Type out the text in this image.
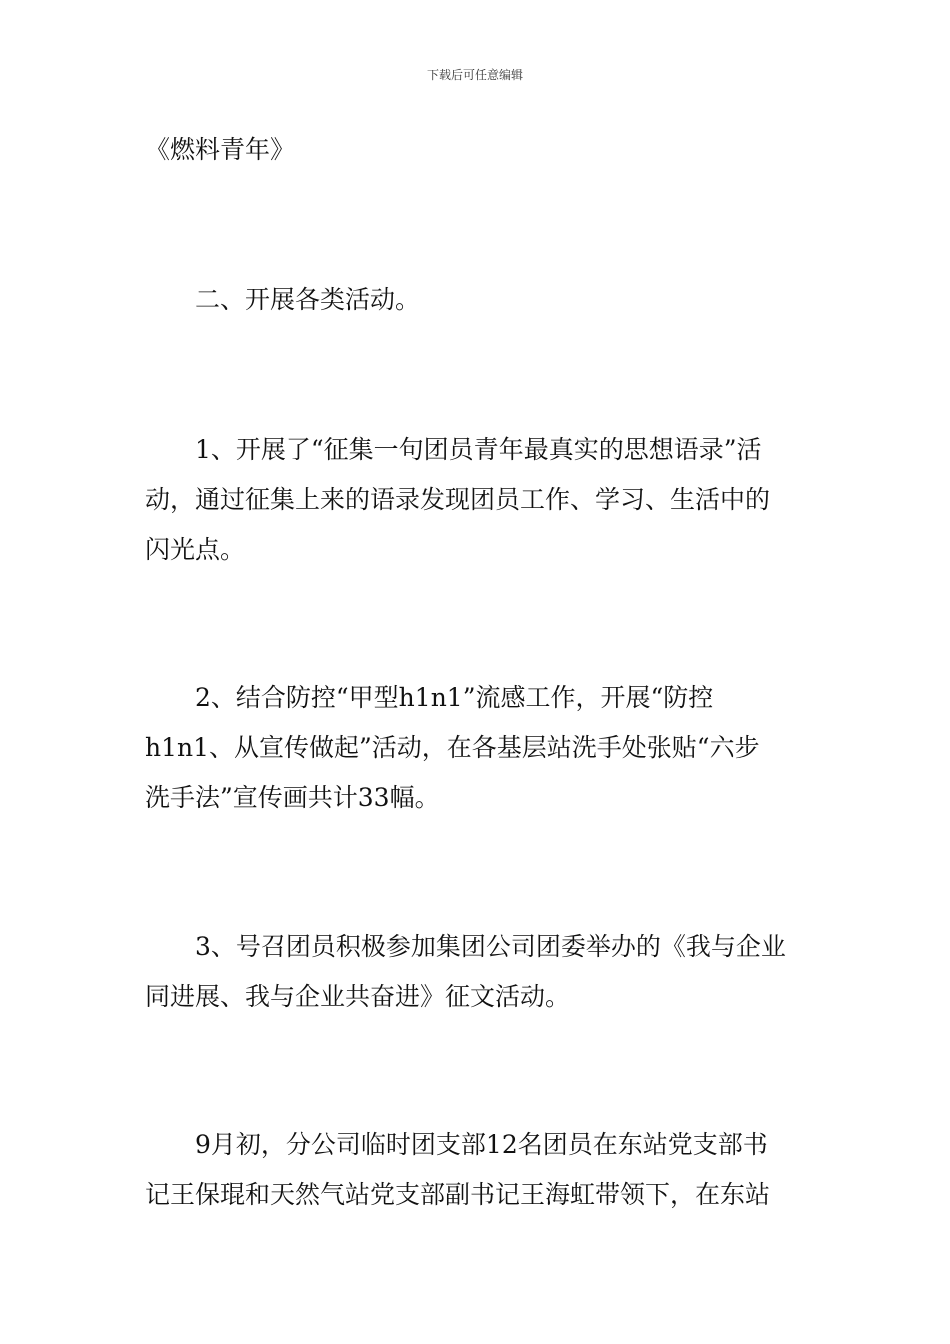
下载后可任意编辑
《燃料青年》
二、开展各类活动。
1、开展了“征集一句团员青年最真实的思想语录”活
动，通过征集上来的语录发现团员工作、学习、生活中的
闪光点。
2、结合防控“甲型h1n1”流感工作，开展“防控
h1n1、从宣传做起”活动，在各基层站洗手处张贴“六步
洗手法”宣传画共计33幅。
3、号召团员积极参加集团公司团委举办的《我与企业
同进展、我与企业共奋进》征文活动。
9月初，分公司临时团支部12名团员在东站党支部书
记王保琨和天然气站党支部副书记王海虹带领下，在东站
